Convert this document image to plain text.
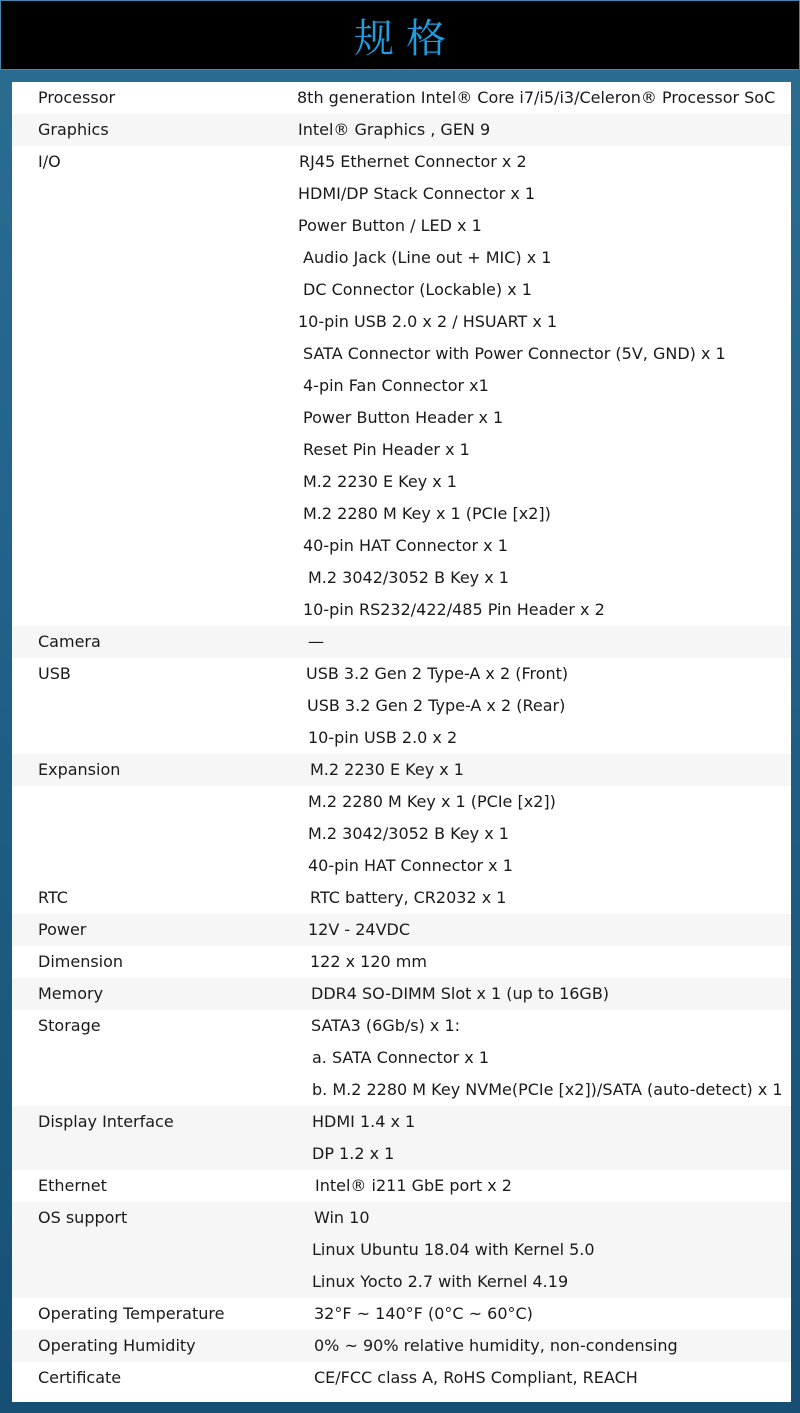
规格
Processor	8th generation Intel® Core i7/i5/i3/Celeron® Processor SoC
Graphics	Intel® Graphics , GEN 9
I/O	RJ45 Ethernet Connector x 2
HDMI/DP Stack Connector x 1
Power Button / LED x 1
Audio Jack (Line out + MIC) x 1
DC Connector (Lockable) x 1
10-pin USB 2.0 x 2 / HSUART x 1
SATA Connector with Power Connector (5V, GND) x 1
4-pin Fan Connector x1
Power Button Header x 1
Reset Pin Header x 1
M.2 2230 E Key x 1
M.2 2280 M Key x 1 (PCIe [x2])
40-pin HAT Connector x 1
M.2 3042/3052 B Key x 1
10-pin RS232/422/485 Pin Header x 2
Camera	—
USB	USB 3.2 Gen 2 Type-A x 2 (Front)
USB 3.2 Gen 2 Type-A x 2 (Rear)
10-pin USB 2.0 x 2
Expansion	M.2 2230 E Key x 1
M.2 2280 M Key x 1 (PCIe [x2])
M.2 3042/3052 B Key x 1
40-pin HAT Connector x 1
RTC	RTC battery, CR2032 x 1
Power	12V - 24VDC
Dimension	122 x 120 mm
Memory	DDR4 SO-DIMM Slot x 1 (up to 16GB)
Storage	SATA3 (6Gb/s) x 1:
a. SATA Connector x 1
b. M.2 2280 M Key NVMe(PCIe [x2])/SATA (auto-detect) x 1
Display Interface	HDMI 1.4 x 1
DP 1.2 x 1
Ethernet	Intel® i211 GbE port x 2
OS support	Win 10
Linux Ubuntu 18.04 with Kernel 5.0
Linux Yocto 2.7 with Kernel 4.19
Operating Temperature	32°F ~ 140°F (0°C ~ 60°C)
Operating Humidity	0% ~ 90% relative humidity, non-condensing
Certificate	CE/FCC class A, RoHS Compliant, REACH
